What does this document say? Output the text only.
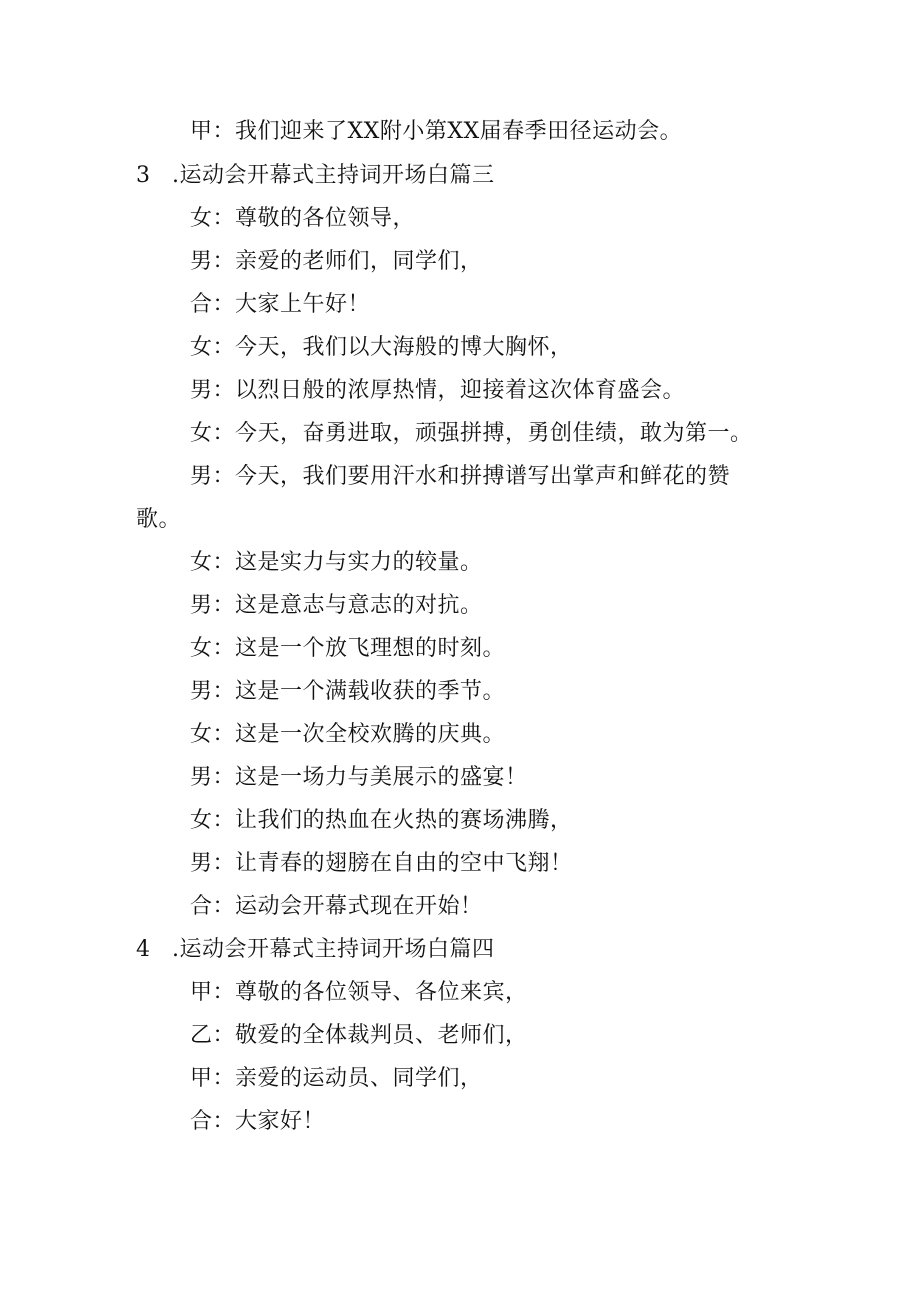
甲：我们迎来了XX附小第XX届春季田径运动会。
3 .运动会开幕式主持词开场白篇三
女：尊敬的各位领导，
男：亲爱的老师们，同学们，
合：大家上午好！
女：今天，我们以大海般的博大胸怀，
男：以烈日般的浓厚热情，迎接着这次体育盛会。
女：今天，奋勇进取，顽强拼搏，勇创佳绩，敢为第一。
男：今天，我们要用汗水和拼搏谱写出掌声和鲜花的赞
歌。
女：这是实力与实力的较量。
男：这是意志与意志的对抗。
女：这是一个放飞理想的时刻。
男：这是一个满载收获的季节。
女：这是一次全校欢腾的庆典。
男：这是一场力与美展示的盛宴！
女：让我们的热血在火热的赛场沸腾，
男：让青春的翅膀在自由的空中飞翔！
合：运动会开幕式现在开始！
4 .运动会开幕式主持词开场白篇四
甲：尊敬的各位领导、各位来宾，
乙：敬爱的全体裁判员、老师们，
甲：亲爱的运动员、同学们，
合：大家好！
